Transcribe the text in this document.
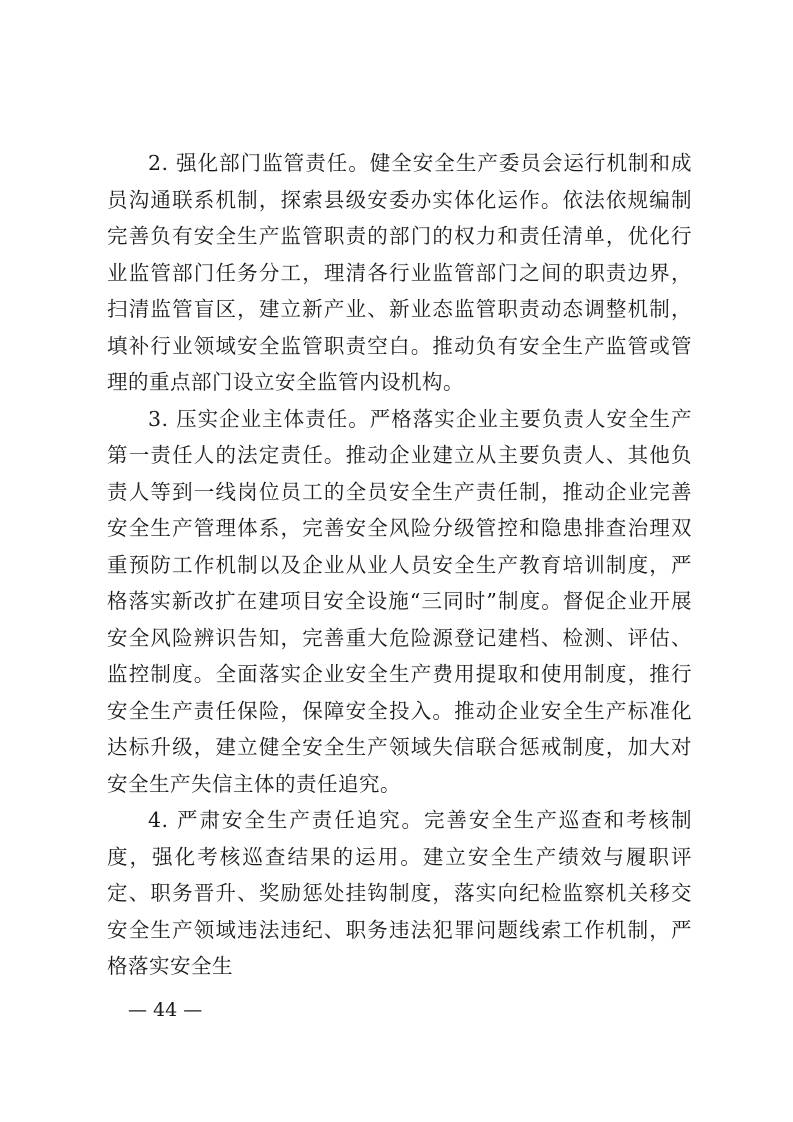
2. 强化部门监管责任。健全安全生产委员会运行机制和成员沟通联系机制，探索县级安委办实体化运作。依法依规编制完善负有安全生产监管职责的部门的权力和责任清单，优化行业监管部门任务分工，理清各行业监管部门之间的职责边界，扫清监管盲区，建立新产业、新业态监管职责动态调整机制，填补行业领域安全监管职责空白。推动负有安全生产监管或管理的重点部门设立安全监管内设机构。

3. 压实企业主体责任。严格落实企业主要负责人安全生产第一责任人的法定责任。推动企业建立从主要负责人、其他负责人等到一线岗位员工的全员安全生产责任制，推动企业完善安全生产管理体系，完善安全风险分级管控和隐患排查治理双重预防工作机制以及企业从业人员安全生产教育培训制度，严格落实新改扩在建项目安全设施“三同时”制度。督促企业开展安全风险辨识告知，完善重大危险源登记建档、检测、评估、监控制度。全面落实企业安全生产费用提取和使用制度，推行安全生产责任保险，保障安全投入。推动企业安全生产标准化达标升级，建立健全安全生产领域失信联合惩戒制度，加大对安全生产失信主体的责任追究。

4. 严肃安全生产责任追究。完善安全生产巡查和考核制度，强化考核巡查结果的运用。建立安全生产绩效与履职评定、职务晋升、奖励惩处挂钩制度，落实向纪检监察机关移交安全生产领域违法违纪、职务违法犯罪问题线索工作机制，严格落实安全生

— 44 —
